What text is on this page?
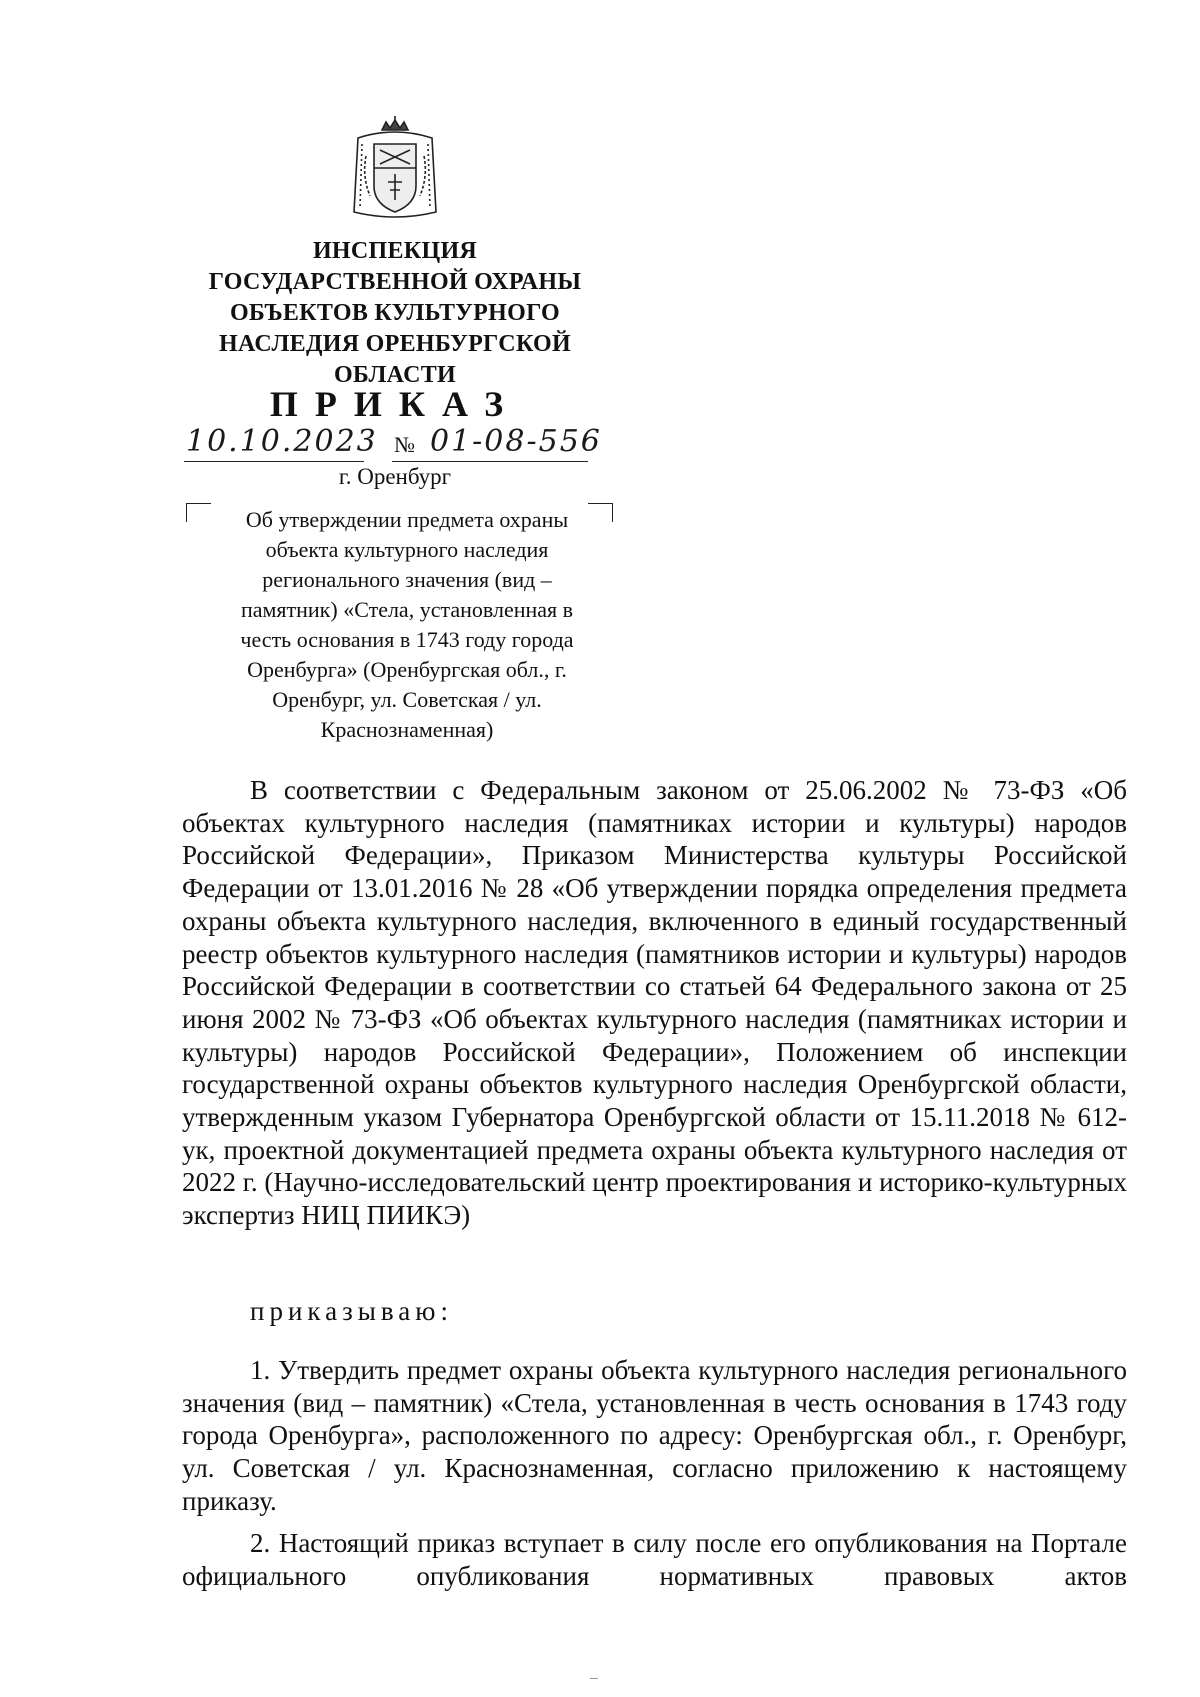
ИНСПЕКЦИЯ
ГОСУДАРСТВЕННОЙ ОХРАНЫ
ОБЪЕКТОВ КУЛЬТУРНОГО
НАСЛЕДИЯ ОРЕНБУРГСКОЙ
ОБЛАСТИ
ПРИКАЗ
10.10.2023 № 01-08-556
г. Оренбург
Об утверждении предмета охраны
объекта культурного наследия
регионального значения (вид –
памятник) «Стела, установленная в
честь основания в 1743 году города
Оренбурга» (Оренбургская обл., г.
Оренбург, ул. Советская / ул.
Краснознаменная)

В соответствии с Федеральным законом от 25.06.2002 № 73-ФЗ «Об объектах культурного наследия (памятниках истории и культуры) народов Российской Федерации», Приказом Министерства культуры Российской Федерации от 13.01.2016 № 28 «Об утверждении порядка определения предмета охраны объекта культурного наследия, включенного в единый государственный реестр объектов культурного наследия (памятников истории и культуры) народов Российской Федерации в соответствии со статьей 64 Федерального закона от 25 июня 2002 № 73-ФЗ «Об объектах культурного наследия (памятниках истории и культуры) народов Российской Федерации», Положением об инспекции государственной охраны объектов культурного наследия Оренбургской области, утвержденным указом Губернатора Оренбургской области от 15.11.2018 № 612-ук, проектной документацией предмета охраны объекта культурного наследия от 2022 г. (Научно-исследовательский центр проектирования и историко-культурных экспертиз НИЦ ПИИКЭ)

приказываю:

1. Утвердить предмет охраны объекта культурного наследия регионального значения (вид – памятник) «Стела, установленная в честь основания в 1743 году города Оренбурга», расположенного по адресу: Оренбургская обл., г. Оренбург, ул. Советская / ул. Краснознаменная, согласно приложению к настоящему приказу.

2. Настоящий приказ вступает в силу после его опубликования на Портале официального опубликования нормативных правовых актов
